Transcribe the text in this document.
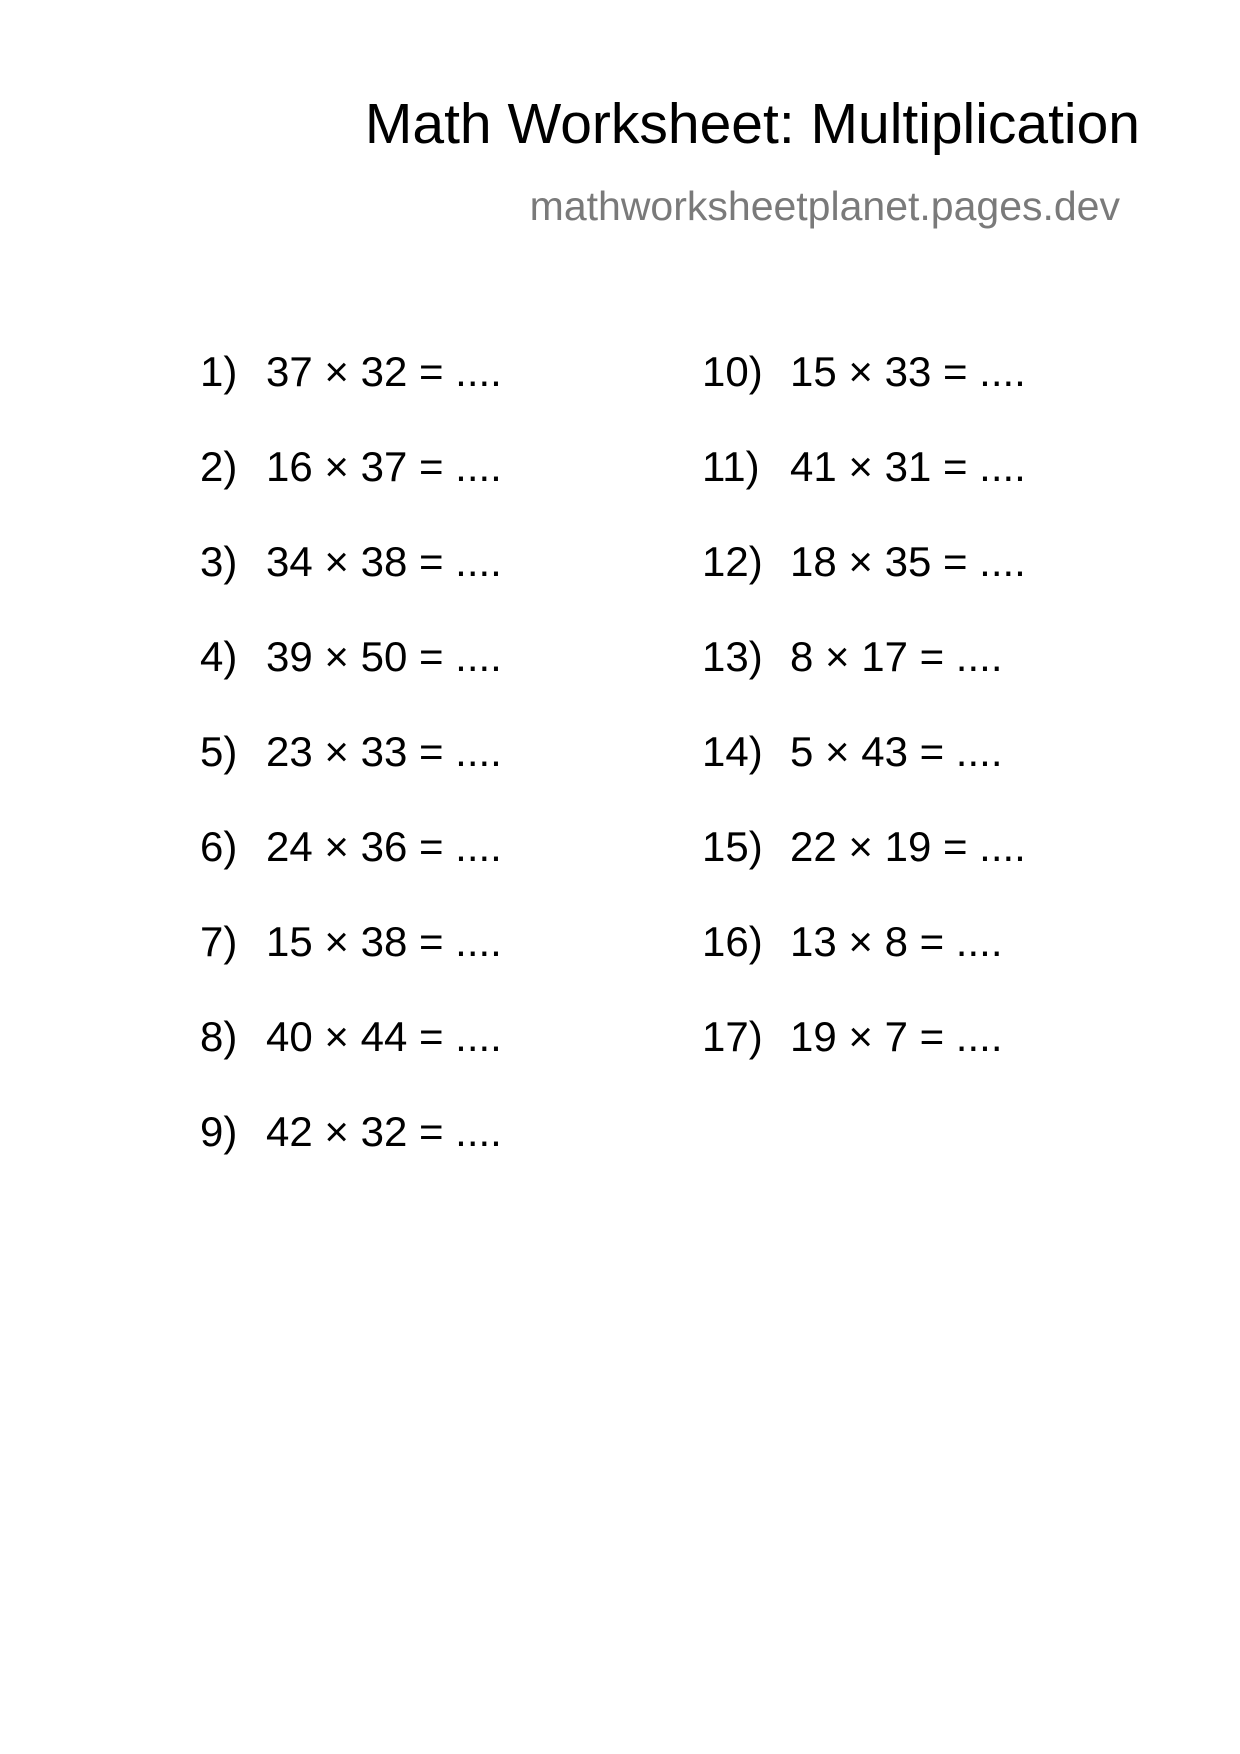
Math Worksheet: Multiplication
mathworksheetplanet.pages.dev
1) 37 × 32 = ....
2) 16 × 37 = ....
3) 34 × 38 = ....
4) 39 × 50 = ....
5) 23 × 33 = ....
6) 24 × 36 = ....
7) 15 × 38 = ....
8) 40 × 44 = ....
9) 42 × 32 = ....
10) 15 × 33 = ....
11) 41 × 31 = ....
12) 18 × 35 = ....
13) 8 × 17 = ....
14) 5 × 43 = ....
15) 22 × 19 = ....
16) 13 × 8 = ....
17) 19 × 7 = ....
